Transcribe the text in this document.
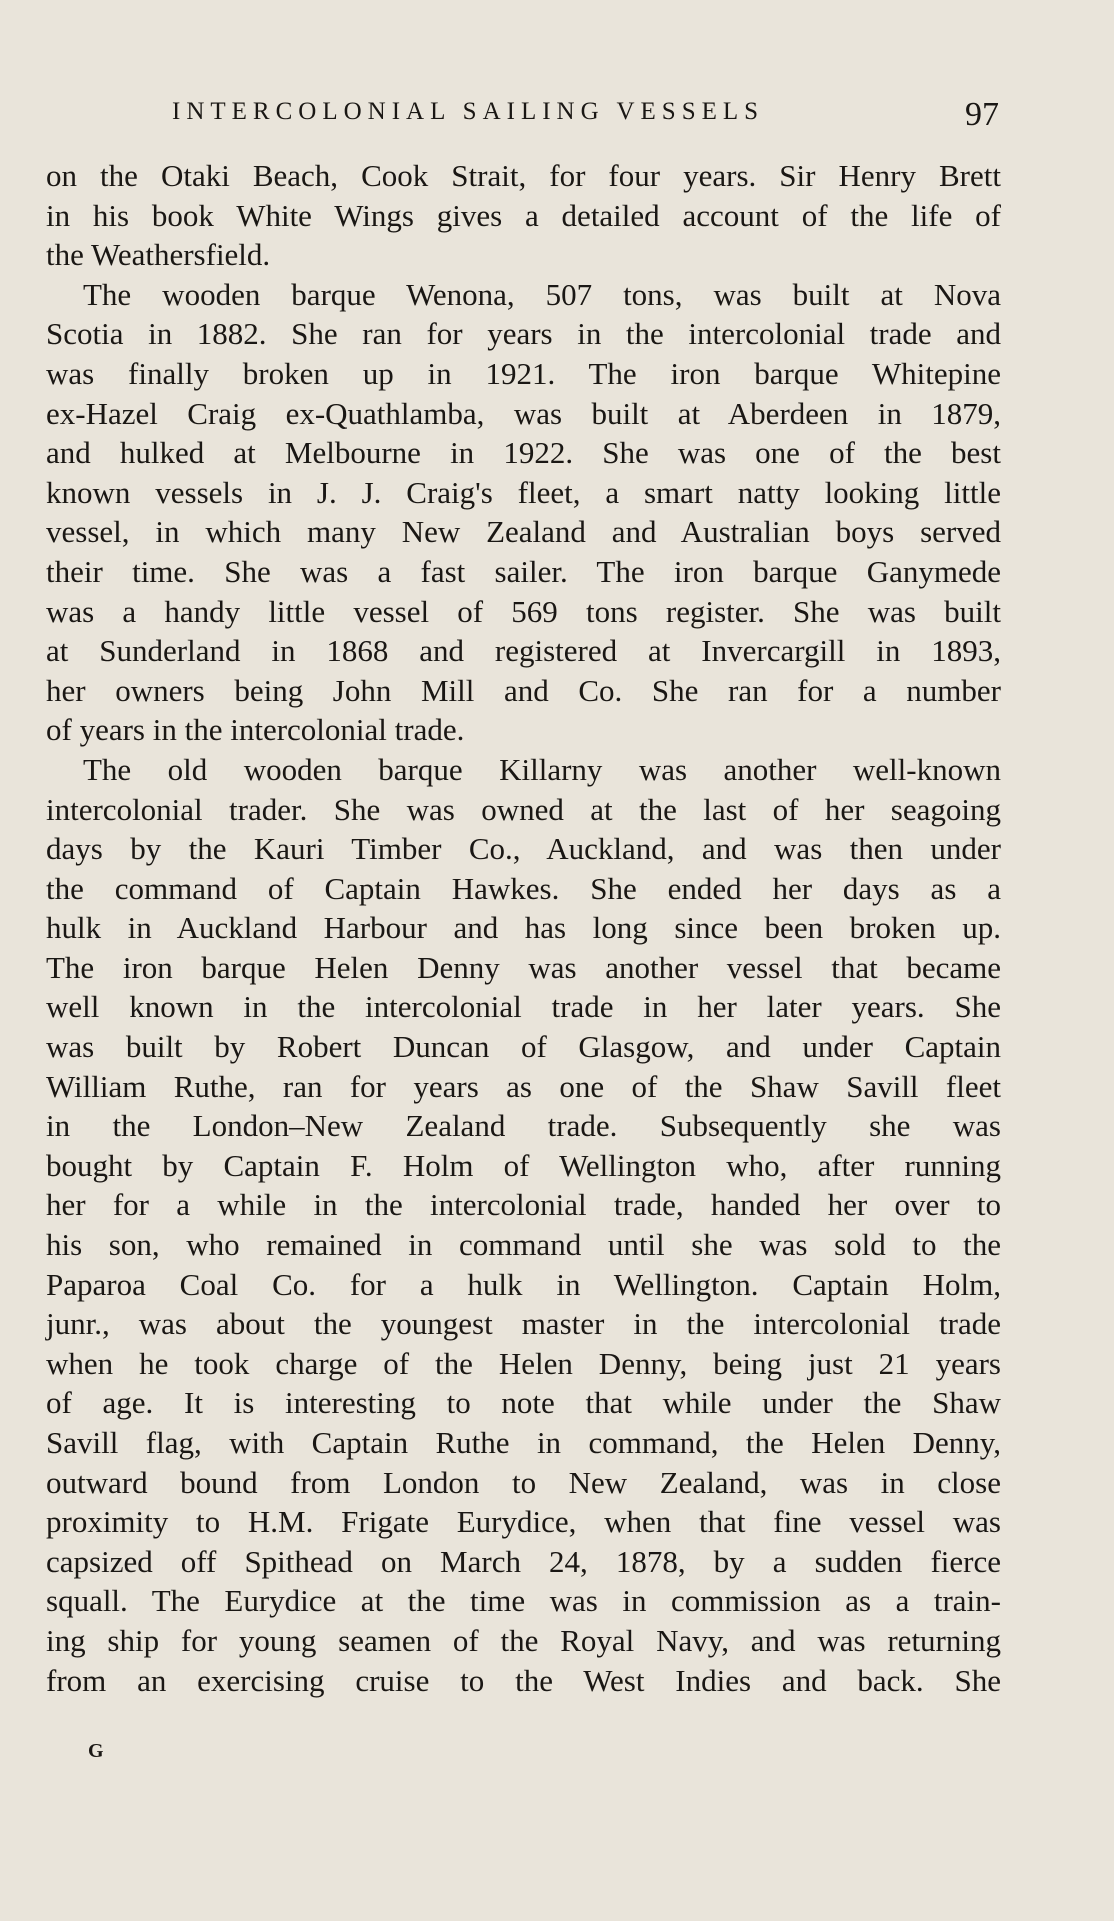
INTERCOLONIAL SAILING VESSELS	97
on the Otaki Beach, Cook Strait, for four years. Sir Henry Brett
in his book White Wings gives a detailed account of the life of
the Weathersfield.
The wooden barque Wenona, 507 tons, was built at Nova
Scotia in 1882. She ran for years in the intercolonial trade and
was finally broken up in 1921. The iron barque Whitepine
ex-Hazel Craig ex-Quathlamba, was built at Aberdeen in 1879,
and hulked at Melbourne in 1922. She was one of the best
known vessels in J. J. Craig's fleet, a smart natty looking little
vessel, in which many New Zealand and Australian boys served
their time. She was a fast sailer. The iron barque Ganymede
was a handy little vessel of 569 tons register. She was built
at Sunderland in 1868 and registered at Invercargill in 1893,
her owners being John Mill and Co. She ran for a number
of years in the intercolonial trade.
The old wooden barque Killarny was another well-known
intercolonial trader. She was owned at the last of her seagoing
days by the Kauri Timber Co., Auckland, and was then under
the command of Captain Hawkes. She ended her days as a
hulk in Auckland Harbour and has long since been broken up.
The iron barque Helen Denny was another vessel that became
well known in the intercolonial trade in her later years. She
was built by Robert Duncan of Glasgow, and under Captain
William Ruthe, ran for years as one of the Shaw Savill fleet
in the London–New Zealand trade. Subsequently she was
bought by Captain F. Holm of Wellington who, after running
her for a while in the intercolonial trade, handed her over to
his son, who remained in command until she was sold to the
Paparoa Coal Co. for a hulk in Wellington. Captain Holm,
junr., was about the youngest master in the intercolonial trade
when he took charge of the Helen Denny, being just 21 years
of age. It is interesting to note that while under the Shaw
Savill flag, with Captain Ruthe in command, the Helen Denny,
outward bound from London to New Zealand, was in close
proximity to H.M. Frigate Eurydice, when that fine vessel was
capsized off Spithead on March 24, 1878, by a sudden fierce
squall. The Eurydice at the time was in commission as a train-
ing ship for young seamen of the Royal Navy, and was returning
from an exercising cruise to the West Indies and back. She
G
